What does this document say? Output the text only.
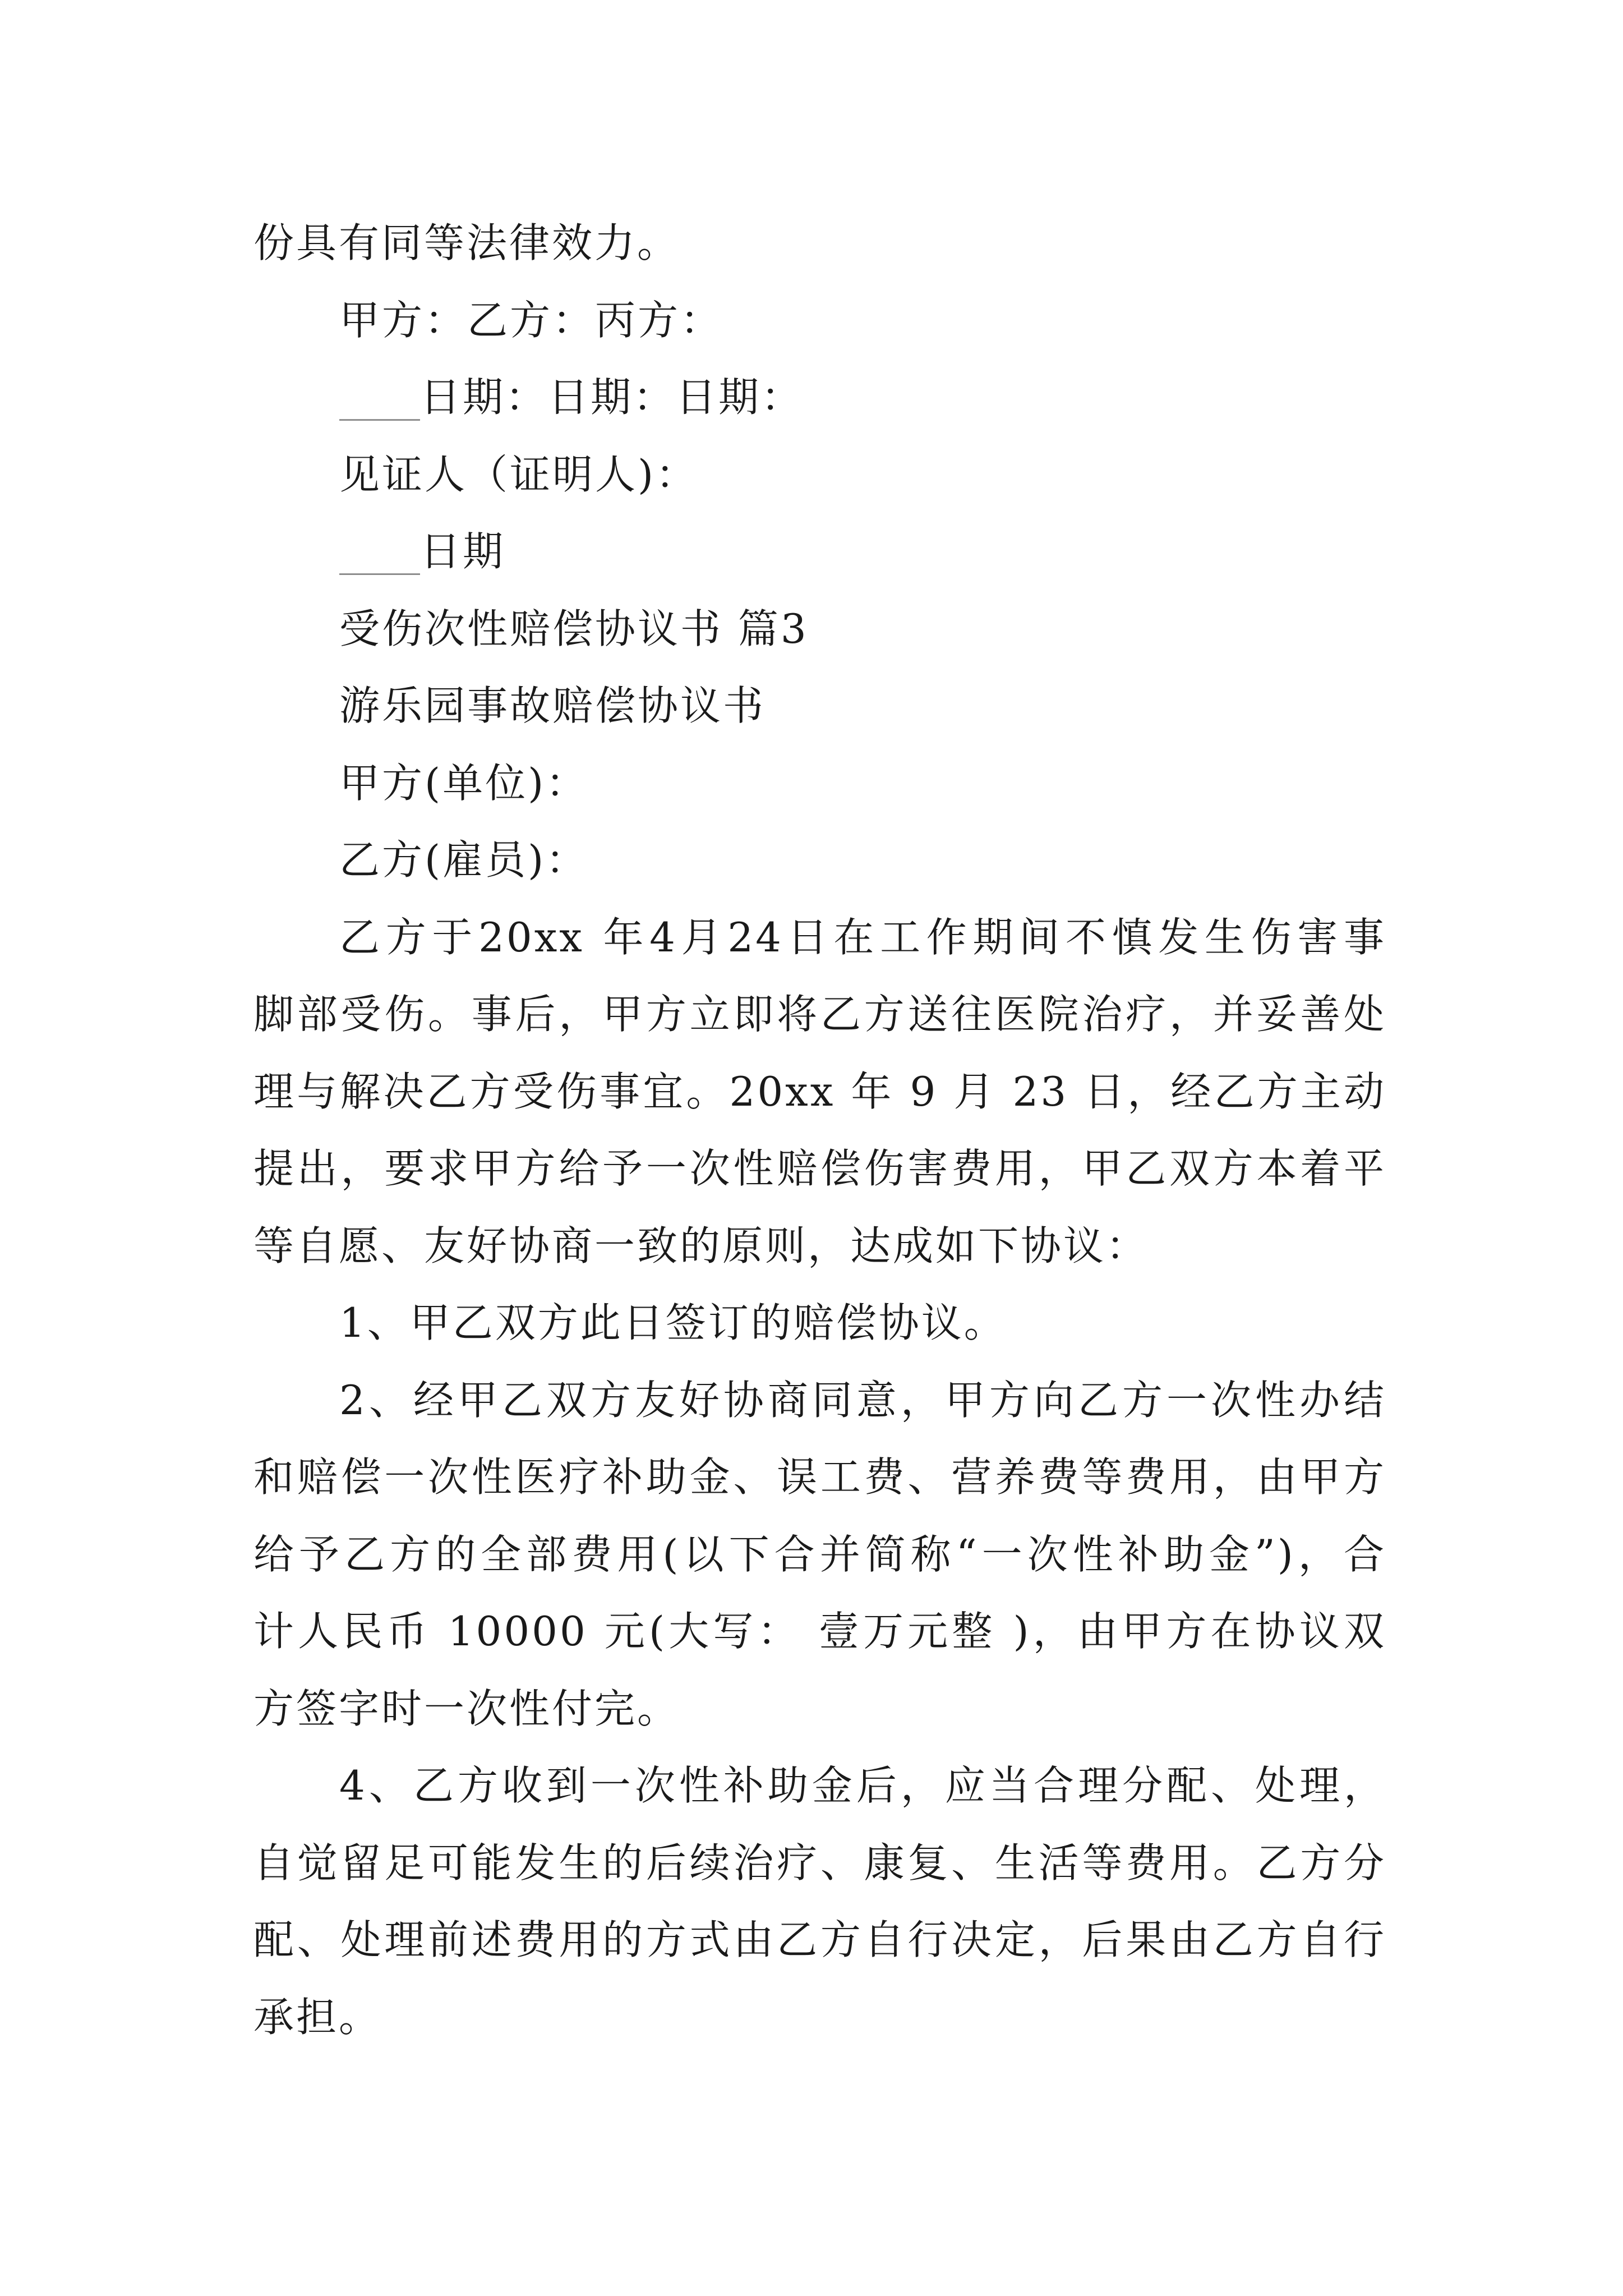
份具有同等法律效力。
甲方：乙方：丙方：
____日期：日期：日期：
见证人（证明人)：
____日期
受伤次性赔偿协议书 篇3
游乐园事故赔偿协议书
甲方(单位)：
乙方(雇员)：
乙方于20xx 年4月24日在工作期间不慎发生伤害事
脚部受伤。事后，甲方立即将乙方送往医院治疗，并妥善处
理与解决乙方受伤事宜。20xx 年 9 月 23 日，经乙方主动
提出，要求甲方给予一次性赔偿伤害费用，甲乙双方本着平
等自愿、友好协商一致的原则，达成如下协议：
1、甲乙双方此日签订的赔偿协议。
2、经甲乙双方友好协商同意，甲方向乙方一次性办结
和赔偿一次性医疗补助金、误工费、营养费等费用，由甲方
给予乙方的全部费用(以下合并简称“一次性补助金”)，合
计人民币 10000 元(大写： 壹万元整 )，由甲方在协议双
方签字时一次性付完。
4、乙方收到一次性补助金后，应当合理分配、处理，
自觉留足可能发生的后续治疗、康复、生活等费用。乙方分
配、处理前述费用的方式由乙方自行决定，后果由乙方自行
承担。
